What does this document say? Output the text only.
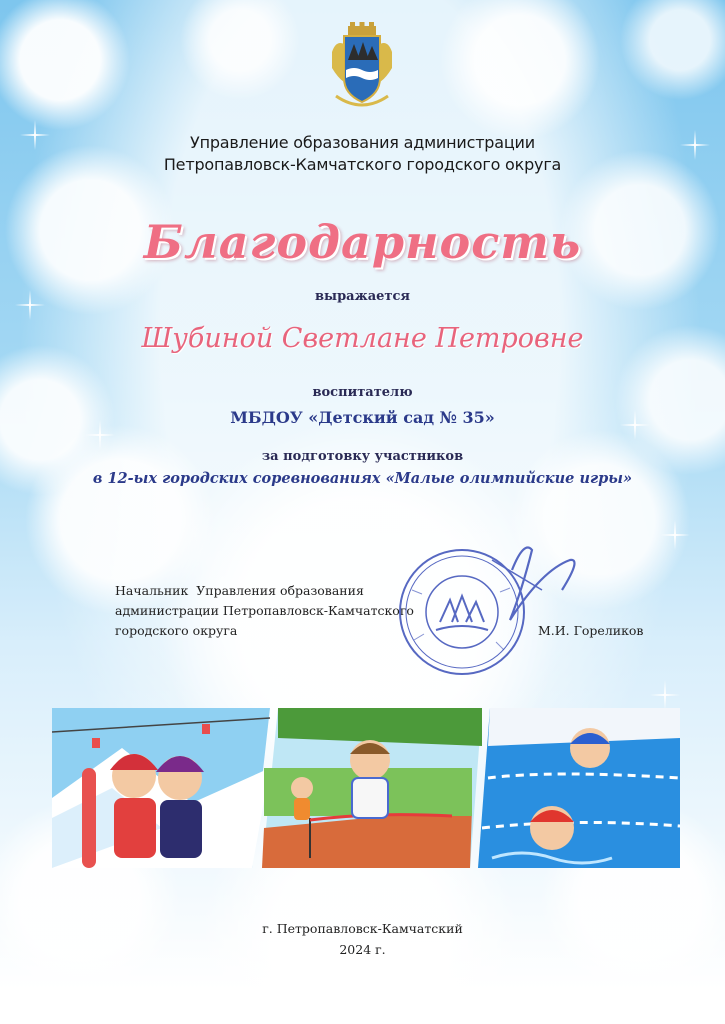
Управление образования администрации
Петропавловск-Камчатского городского округа
Благодарность
выражается
Шубиной Светлане Петровне
воспитателю
МБДОУ «Детский сад № 35»
за подготовку участников
в 12-ых городских соревнованиях «Малые олимпийские игры»
Начальник  Управления образования
администрации Петропавловск-Камчатского
городского округа	М.И. Гореликов
г. Петропавловск-Камчатский
2024 г.
